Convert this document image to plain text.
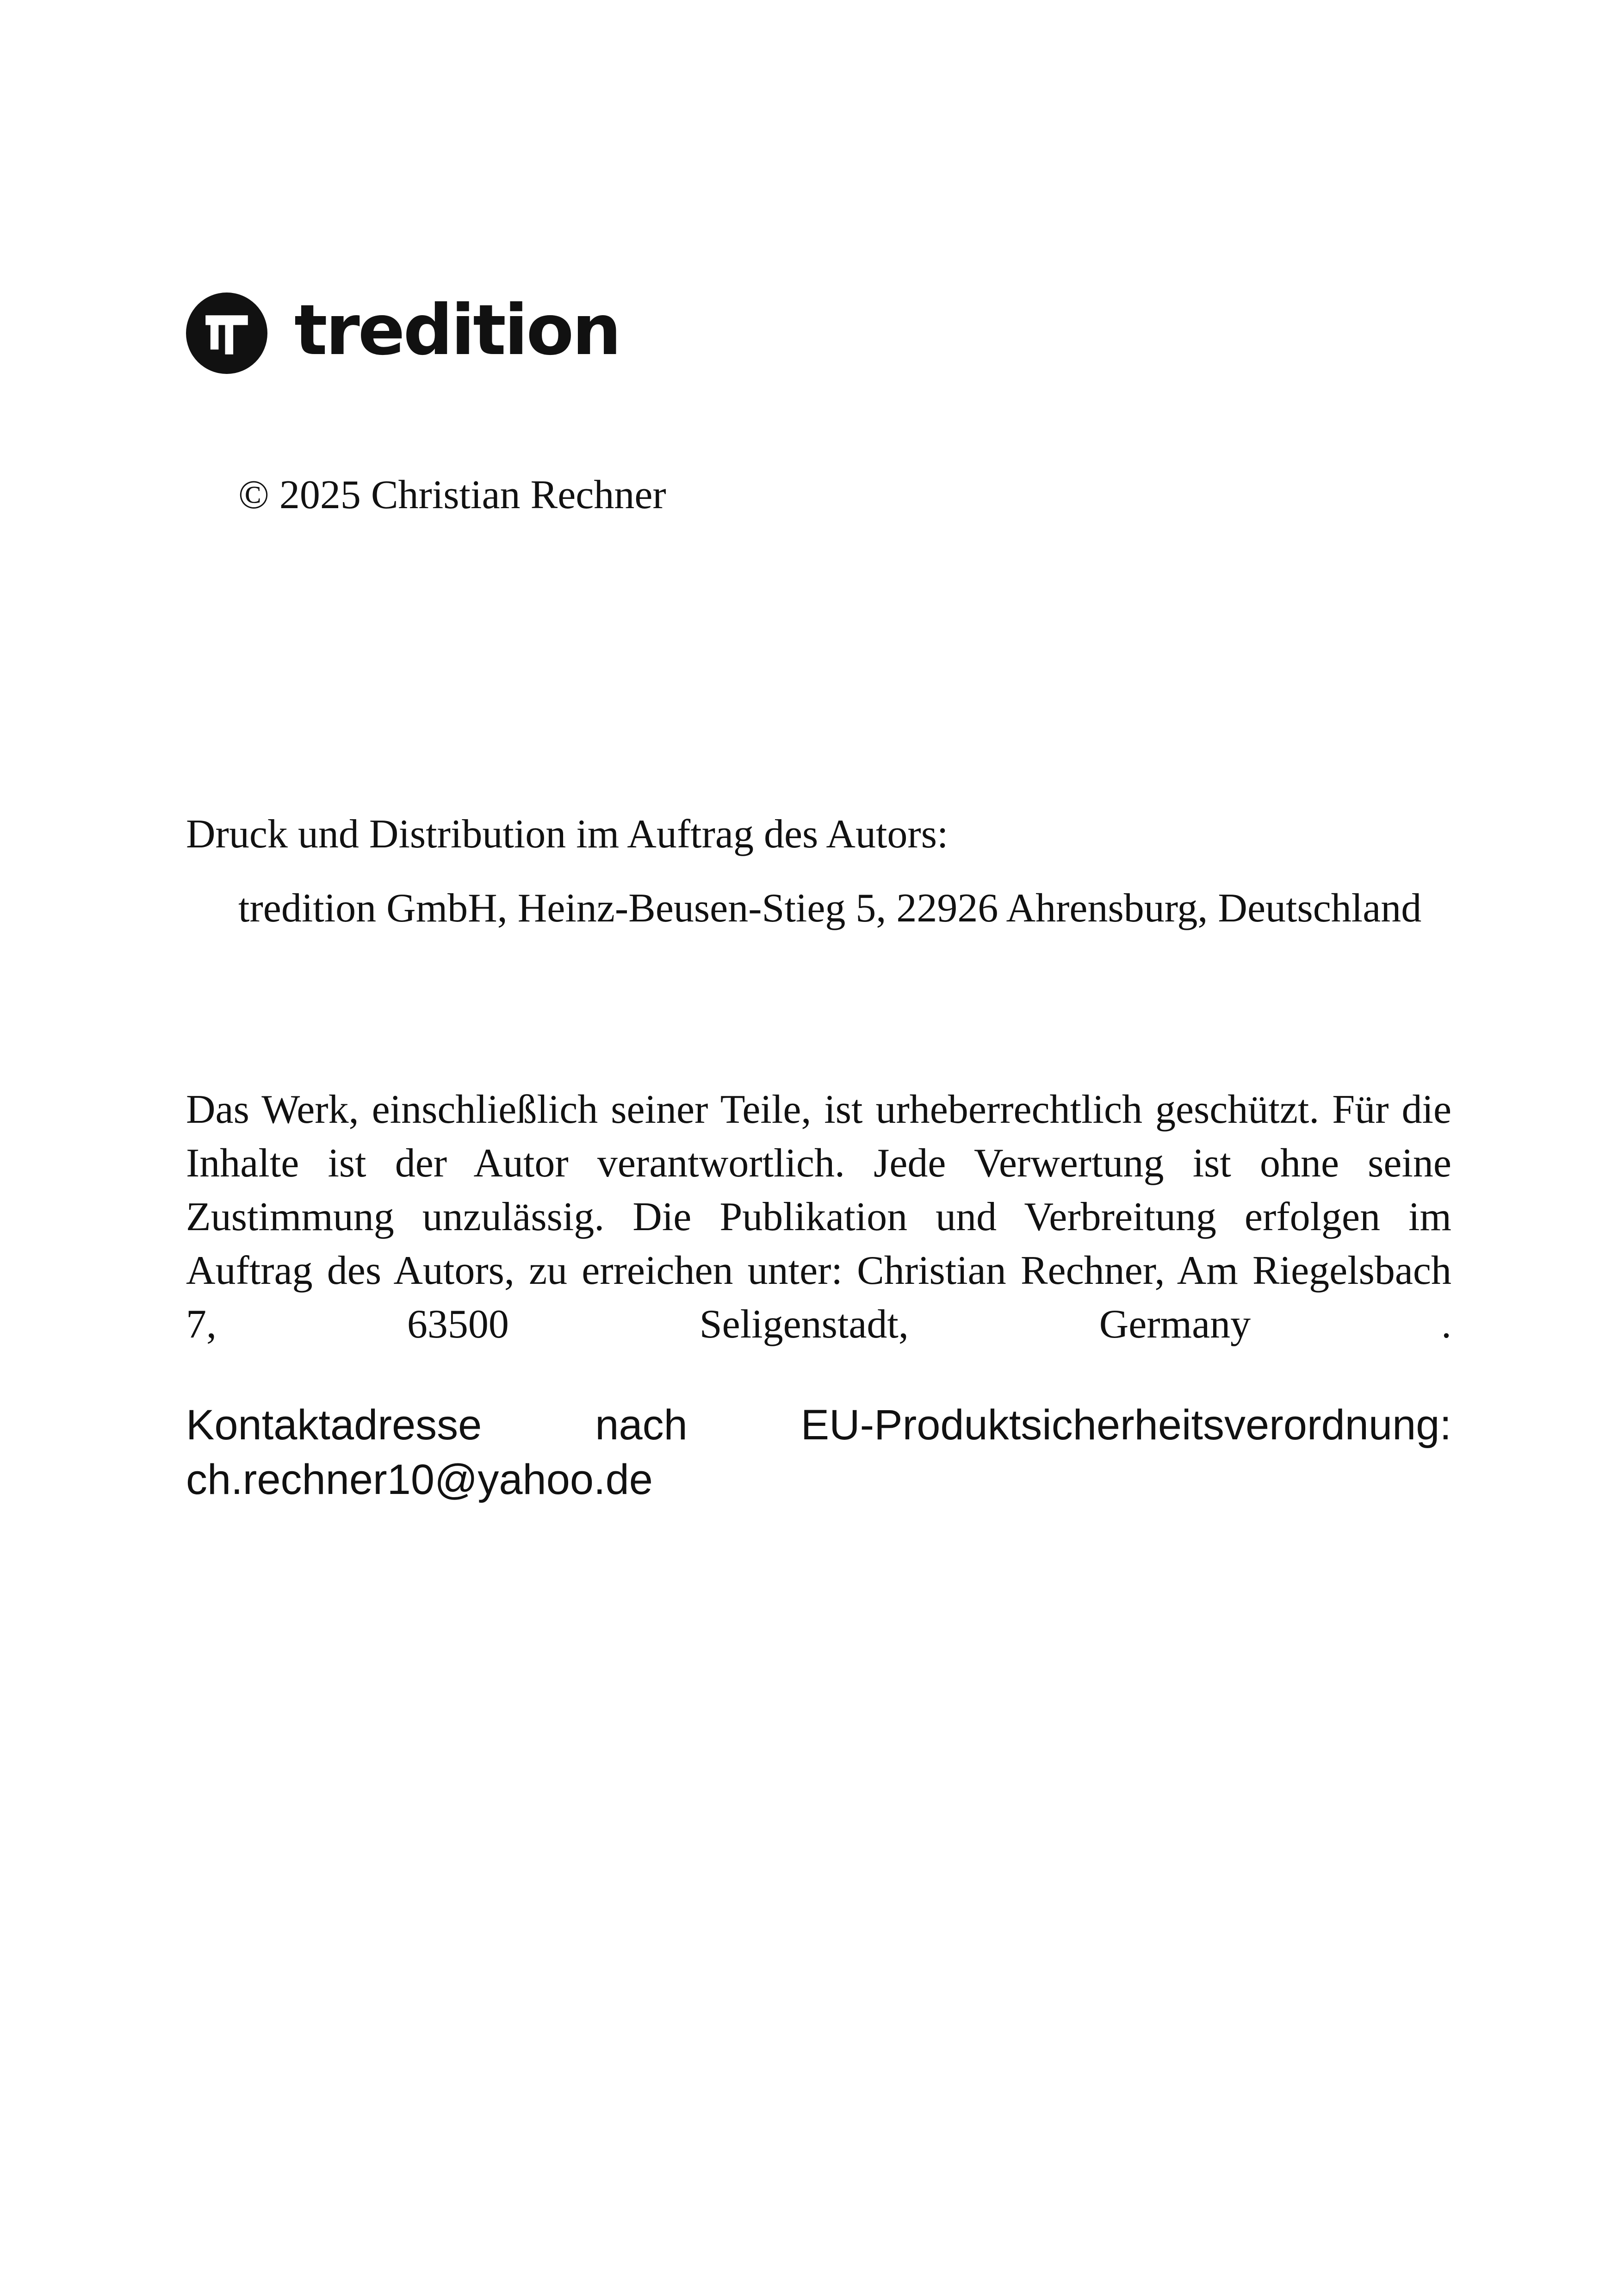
tredition
© 2025 Christian Rechner
Druck und Distribution im Auftrag des Autors:
tredition GmbH, Heinz-Beusen-Stieg 5, 22926 Ahrensburg, Deutschland
Das Werk, einschließlich seiner Teile, ist urheberrechtlich geschützt. Für die Inhalte ist der Autor verantwortlich. Jede Verwertung ist ohne seine Zustimmung unzulässig. Die Publikation und Verbreitung erfolgen im Auftrag des Autors, zu erreichen unter: Christian Rechner, Am Riegelsbach 7, 63500 Seligenstadt, Germany .
Kontaktadresse	nach	EU-Produktsicherheitsverordnung:
ch.rechner10@yahoo.de
